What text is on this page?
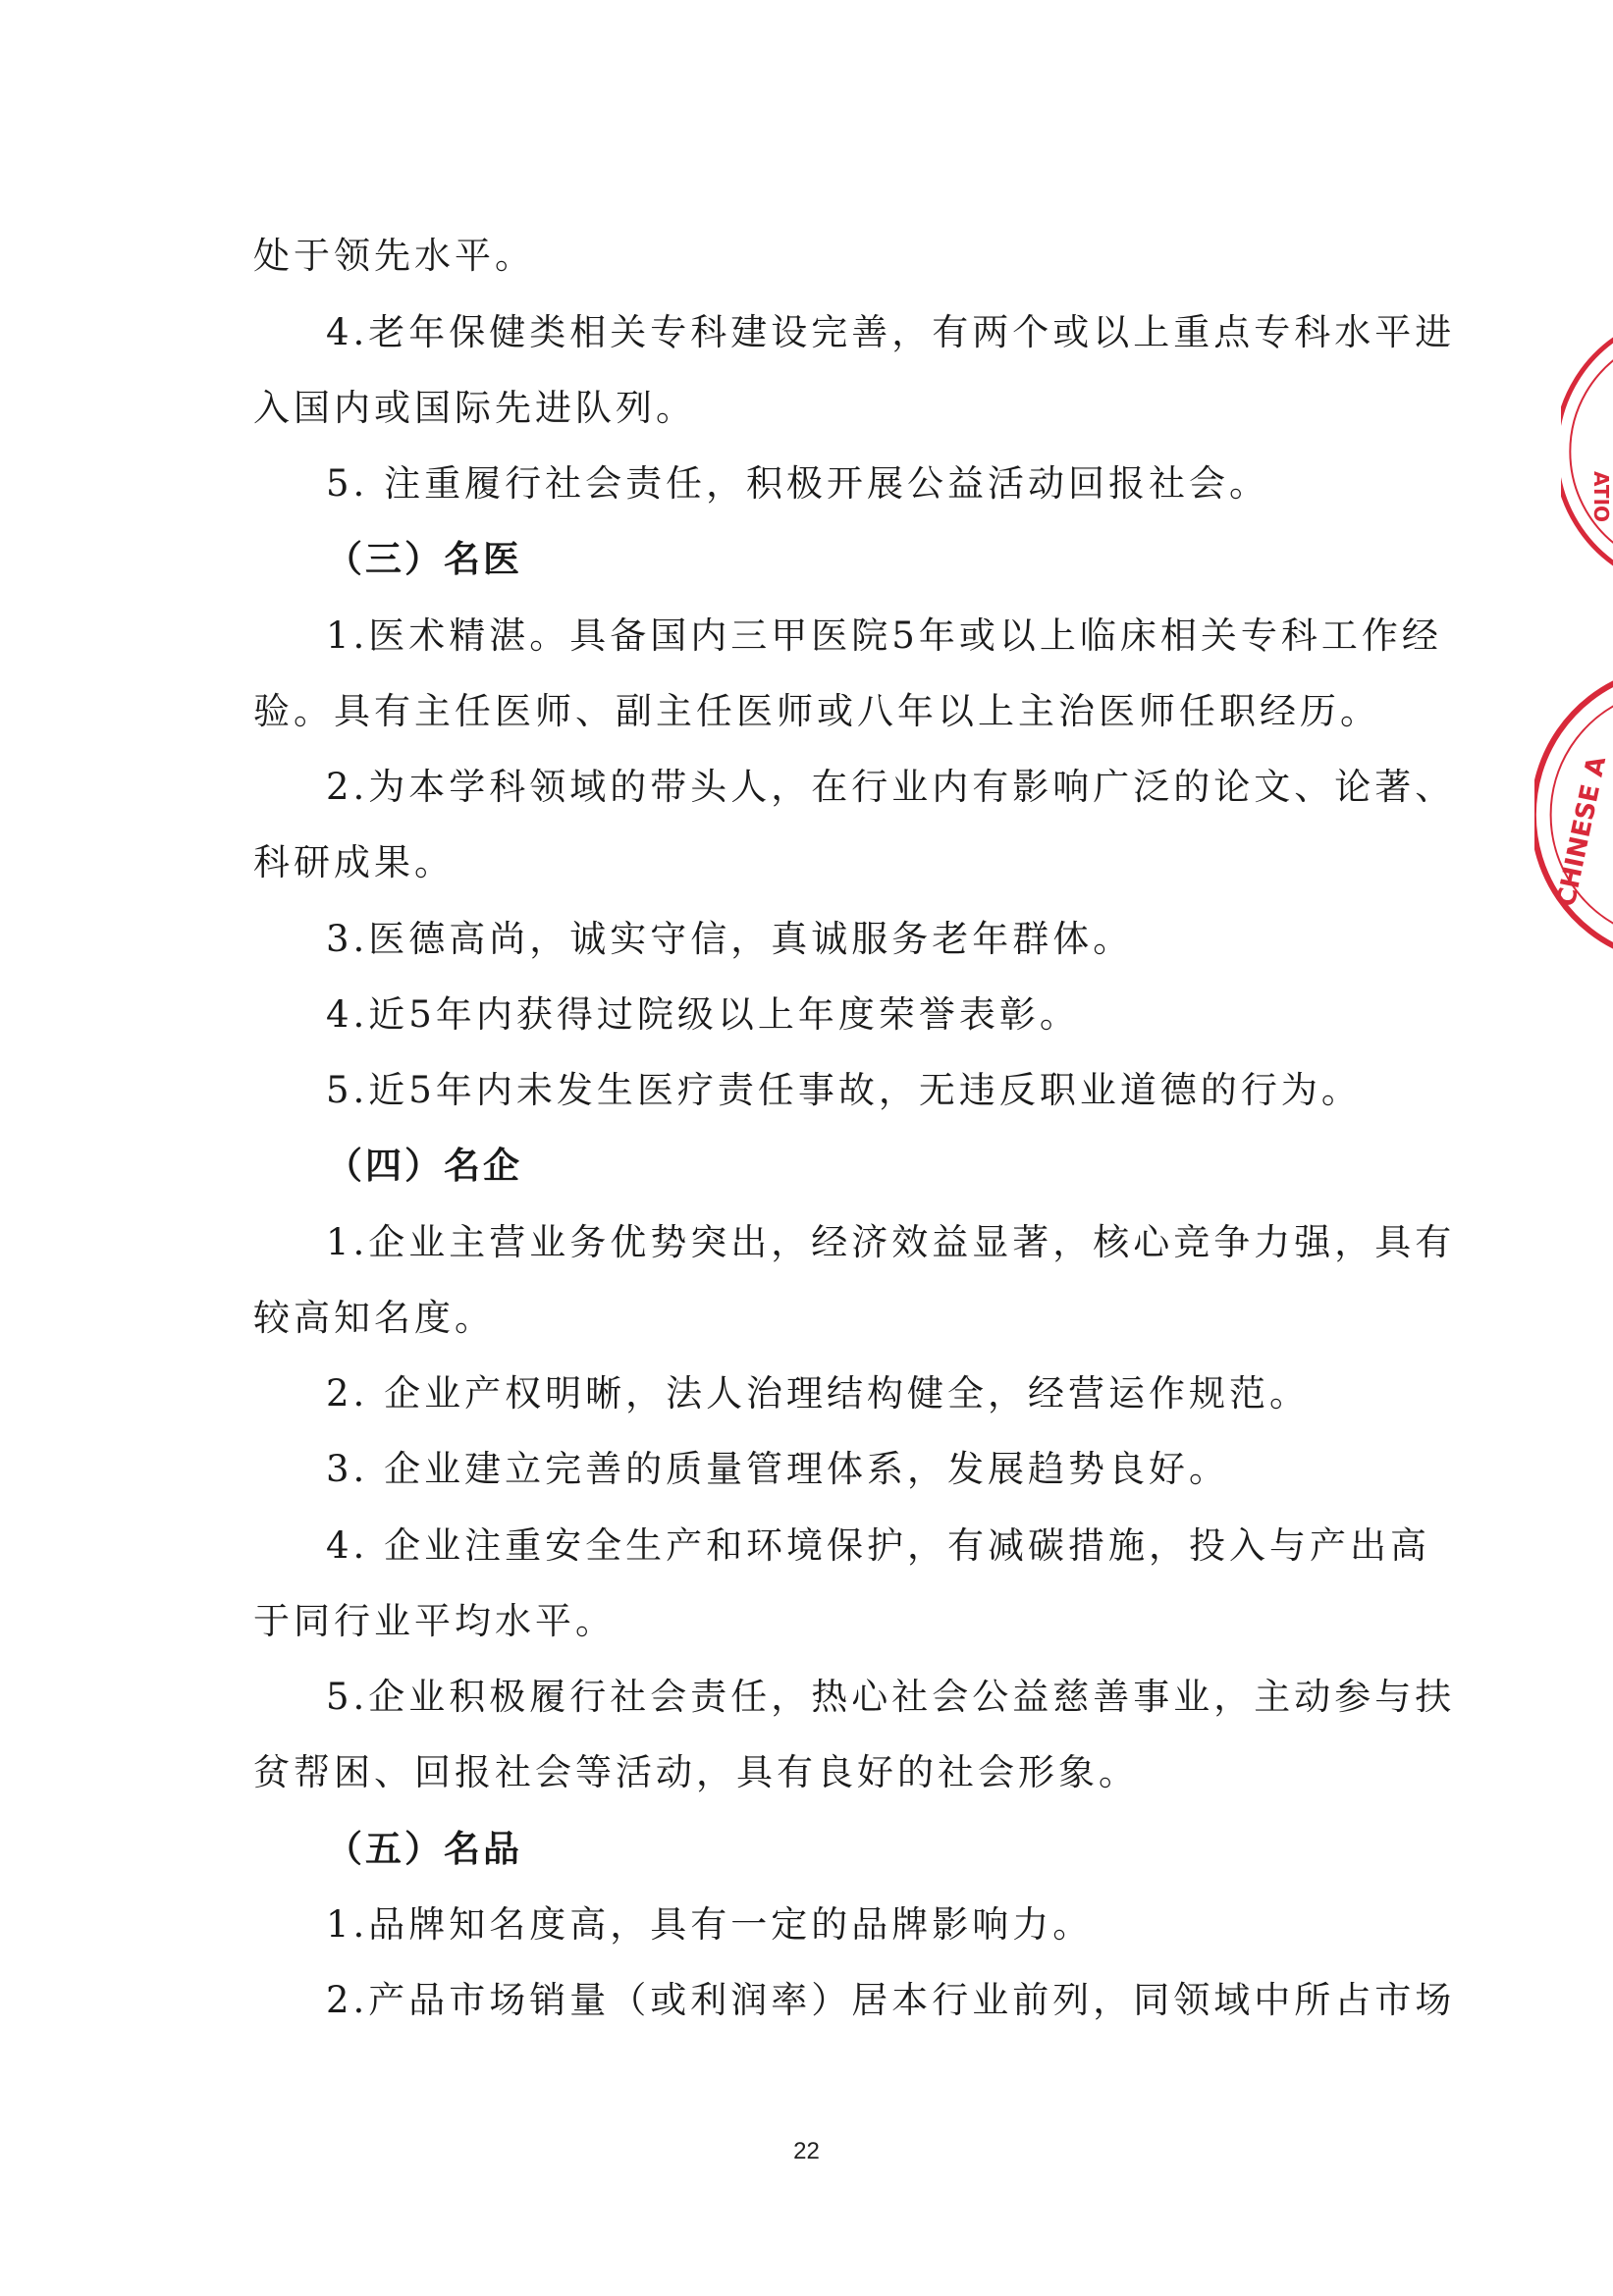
处于领先水平。
4.老年保健类相关专科建设完善，有两个或以上重点专科水平进
入国内或国际先进队列。
5. 注重履行社会责任，积极开展公益活动回报社会。
（三）名医
1.医术精湛。具备国内三甲医院5年或以上临床相关专科工作经
验。具有主任医师、副主任医师或八年以上主治医师任职经历。
2.为本学科领域的带头人，在行业内有影响广泛的论文、论著、
科研成果。
3.医德高尚，诚实守信，真诚服务老年群体。
4.近5年内获得过院级以上年度荣誉表彰。
5.近5年内未发生医疗责任事故，无违反职业道德的行为。
（四）名企
1.企业主营业务优势突出，经济效益显著，核心竞争力强，具有
较高知名度。
2. 企业产权明晰，法人治理结构健全，经营运作规范。
3. 企业建立完善的质量管理体系，发展趋势良好。
4. 企业注重安全生产和环境保护，有减碳措施，投入与产出高
于同行业平均水平。
5.企业积极履行社会责任，热心社会公益慈善事业，主动参与扶
贫帮困、回报社会等活动，具有良好的社会形象。
（五）名品
1.品牌知名度高，具有一定的品牌影响力。
2.产品市场销量（或利润率）居本行业前列，同领域中所占市场
22
ATIO
CHINESE A
